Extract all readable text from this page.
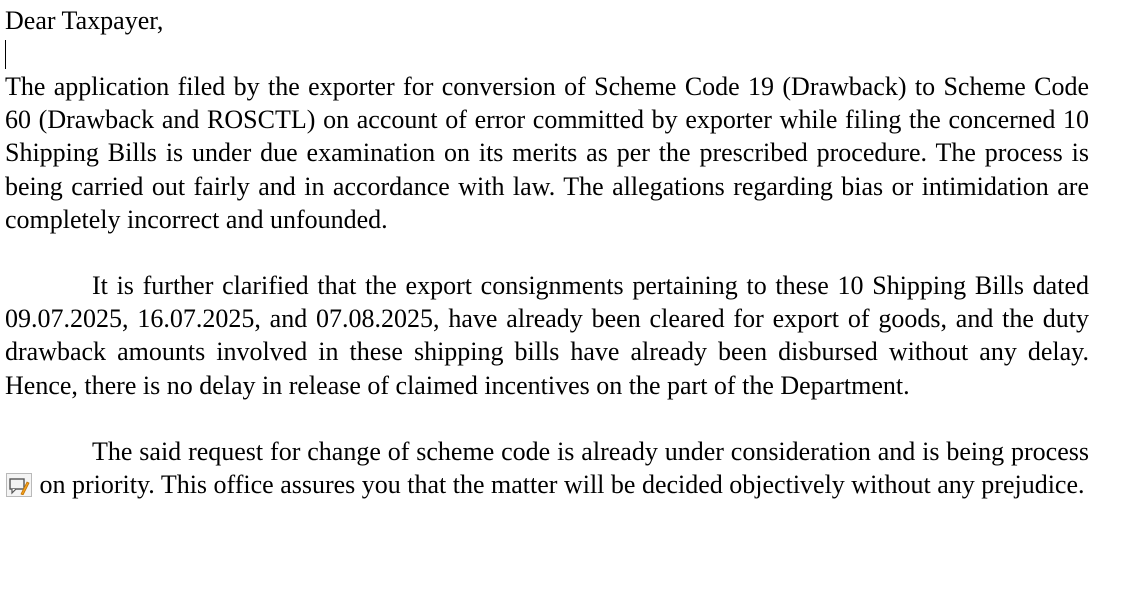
Dear Taxpayer,

The application filed by the exporter for conversion of Scheme Code 19 (Drawback) to Scheme Code 60 (Drawback and ROSCTL) on account of error committed by exporter while filing the concerned 10 Shipping Bills is under due examination on its merits as per the prescribed procedure. The process is being carried out fairly and in accordance with law. The allegations regarding bias or intimidation are completely incorrect and unfounded.

It is further clarified that the export consignments pertaining to these 10 Shipping Bills dated 09.07.2025, 16.07.2025, and 07.08.2025, have already been cleared for export of goods, and the duty drawback amounts involved in these shipping bills have already been disbursed without any delay. Hence, there is no delay in release of claimed incentives on the part of the Department.

The said request for change of scheme code is already under consideration and is being process
on priority. This office assures you that the matter will be decided objectively without any prejudice.
